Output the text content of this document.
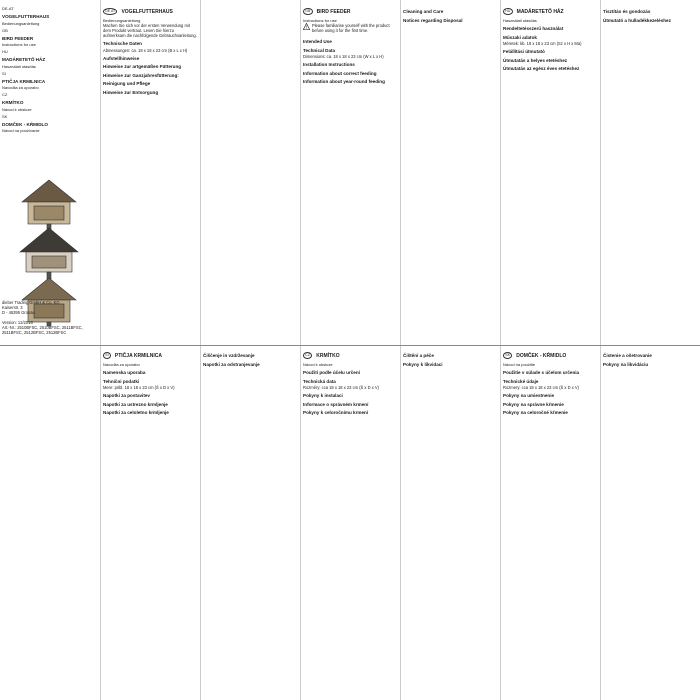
DE-AT
VOGELFUTTERHAUS
Bedienungsanleitung
GB
BIRD FEEDER
Instructions for use
HU
MADÁRETETŐ HÁZ
Használati utasítás
SI
PTIČJA KRMILNICA
Navodila za uporabo
CZ
KRMÍTKO
Návod k obsluze
SK
DOMČEK - KŔMIDLO
Návod na používanie
dieber Trading GmbH & Co. KG
Kaiserstr. 3
D - 46395 Gronau
Version: 12/2018
Art.-Nr.: 2510BFSC, 2510BFSC, 2511BFSC,
2511BFSC, 2512BFSC, 2512BFSC
DE AT	VOGELFUTTERHAUS
Bedienungsanleitung

Machen Sie sich vor der ersten Verwendung mit dem Produkt vertraut. Lesen Sie hierzu aufmerksam die nachfolgende Gebrauchsanleitung.

Technische Daten

Abmessungen: ca. 18 x 18 x 23 cm (B x L x H)

Aufstellhinweise
Hinweise zur artgemäßen Fütterung
Hinweise zur Ganzjahresfütterung:
Reinigung und Pflege
Hinweise zur Entsorgung
GB	BIRD FEEDER
Instructions for use
! Please familiarise yourself with the product before using it for the first time.

Intended Use
Technical Data

Dimensions: ca. 18 x 18 x 23 cm (W x L x H)

Installation Instructions
Information about correct feeding
Information about year-round feeding
Cleaning and Care
Notices regarding Disposal
HU	MADÁRETETŐ HÁZ
Használati utasítás
Rendeltetésszerű használat
Műszaki adatok

Méretek: kb. 18 x 18 x 23 cm (Sz x H x Ma)

Felállítási útmutató
Útmutatás a helyes etetéshez
Útmutatás az egész éves etetéshez
Tisztítás és gondozás
Útmutató a hulladékkezeléshez
SI	PTIČJA KRMILNICA
Navodila za uporabo
Namenska uporaba
Tehnični podatki

Mere: pribl. 18 x 18 x 23 cm (Š x D x V)

Napotki za postavitev
Napotki za ustrezno krmljenje
Napotki za celoletno krmljenje
Čiščenje in vzdrževanje
Napotki za odstranjevanje
CZ	KRMÍTKO
Návod k obsluze
Použití podle účelu určení
Technická data

Rozměry: cca 18 x 18 x 23 cm (Š x D x V)

Pokyny k instalaci
Informace o správném krmení
Pokyny k celoročnímu krmení
Čištění a péče
Pokyny k likvidaci
SK	DOMČEK - KŔMIDLO
Návod na použitie
Použitie v súlade s účelom určenia
Technické údaje

Rozmery: cca 18 x 18 x 23 cm (Š x D x V)

Pokyny na umiestnenie
Pokyny na správne kŕmenie
Pokyny na celoročné kŕmenie
Čistenie a ošetrovanie
Pokyny na likvidáciu
